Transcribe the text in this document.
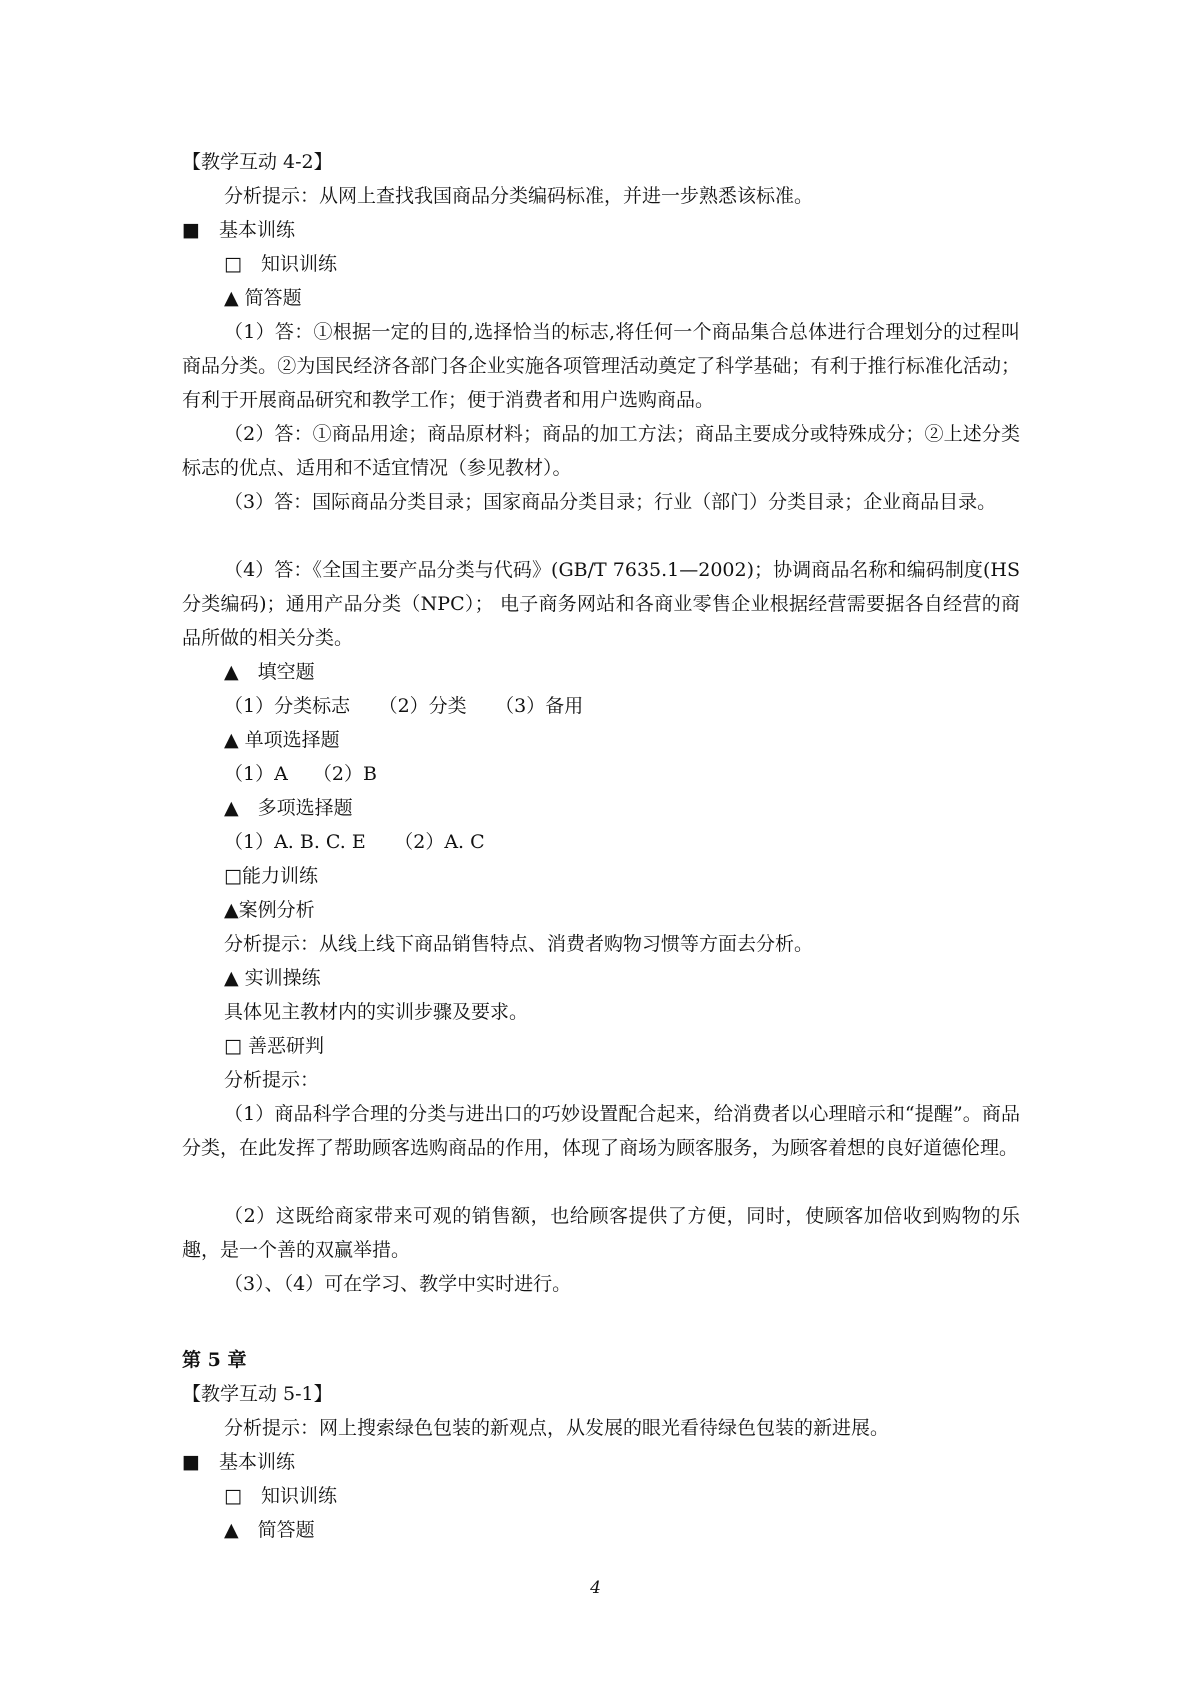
【教学互动 4-2】
分析提示：从网上查找我国商品分类编码标准，并进一步熟悉该标准。
■　基本训练
□　知识训练
▲ 简答题
（1）答：①根据一定的目的,选择恰当的标志,将任何一个商品集合总体进行合理划分的过程叫商品分类。②为国民经济各部门各企业实施各项管理活动奠定了科学基础；有利于推行标准化活动；有利于开展商品研究和教学工作；便于消费者和用户选购商品。
（2）答：①商品用途；商品原材料；商品的加工方法；商品主要成分或特殊成分；②上述分类标志的优点、适用和不适宜情况（参见教材）。
（3）答：国际商品分类目录；国家商品分类目录；行业（部门）分类目录；企业商品目录。
（4）答：《全国主要产品分类与代码》(GB/T 7635.1—2002)；协调商品名称和编码制度(HS 分类编码)；通用产品分类（NPC）； 电子商务网站和各商业零售企业根据经营需要据各自经营的商品所做的相关分类。
▲　填空题
（1）分类标志　　（2）分类　　（3）备用
▲ 单项选择题
（1）A　 （2）B
▲　多项选择题
（1）A. B. C. E　　（2）A. C
□能力训练
▲案例分析
分析提示：从线上线下商品销售特点、消费者购物习惯等方面去分析。
▲ 实训操练
具体见主教材内的实训步骤及要求。
□ 善恶研判
分析提示：
（1）商品科学合理的分类与进出口的巧妙设置配合起来，给消费者以心理暗示和“提醒”。商品分类，在此发挥了帮助顾客选购商品的作用，体现了商场为顾客服务，为顾客着想的良好道德伦理。
（2）这既给商家带来可观的销售额，也给顾客提供了方便，同时，使顾客加倍收到购物的乐趣，是一个善的双赢举措。
（3）、（4）可在学习、教学中实时进行。
第 5 章
【教学互动 5-1】
分析提示：网上搜索绿色包装的新观点，从发展的眼光看待绿色包装的新进展。
■　基本训练
□　知识训练
▲　简答题
4
